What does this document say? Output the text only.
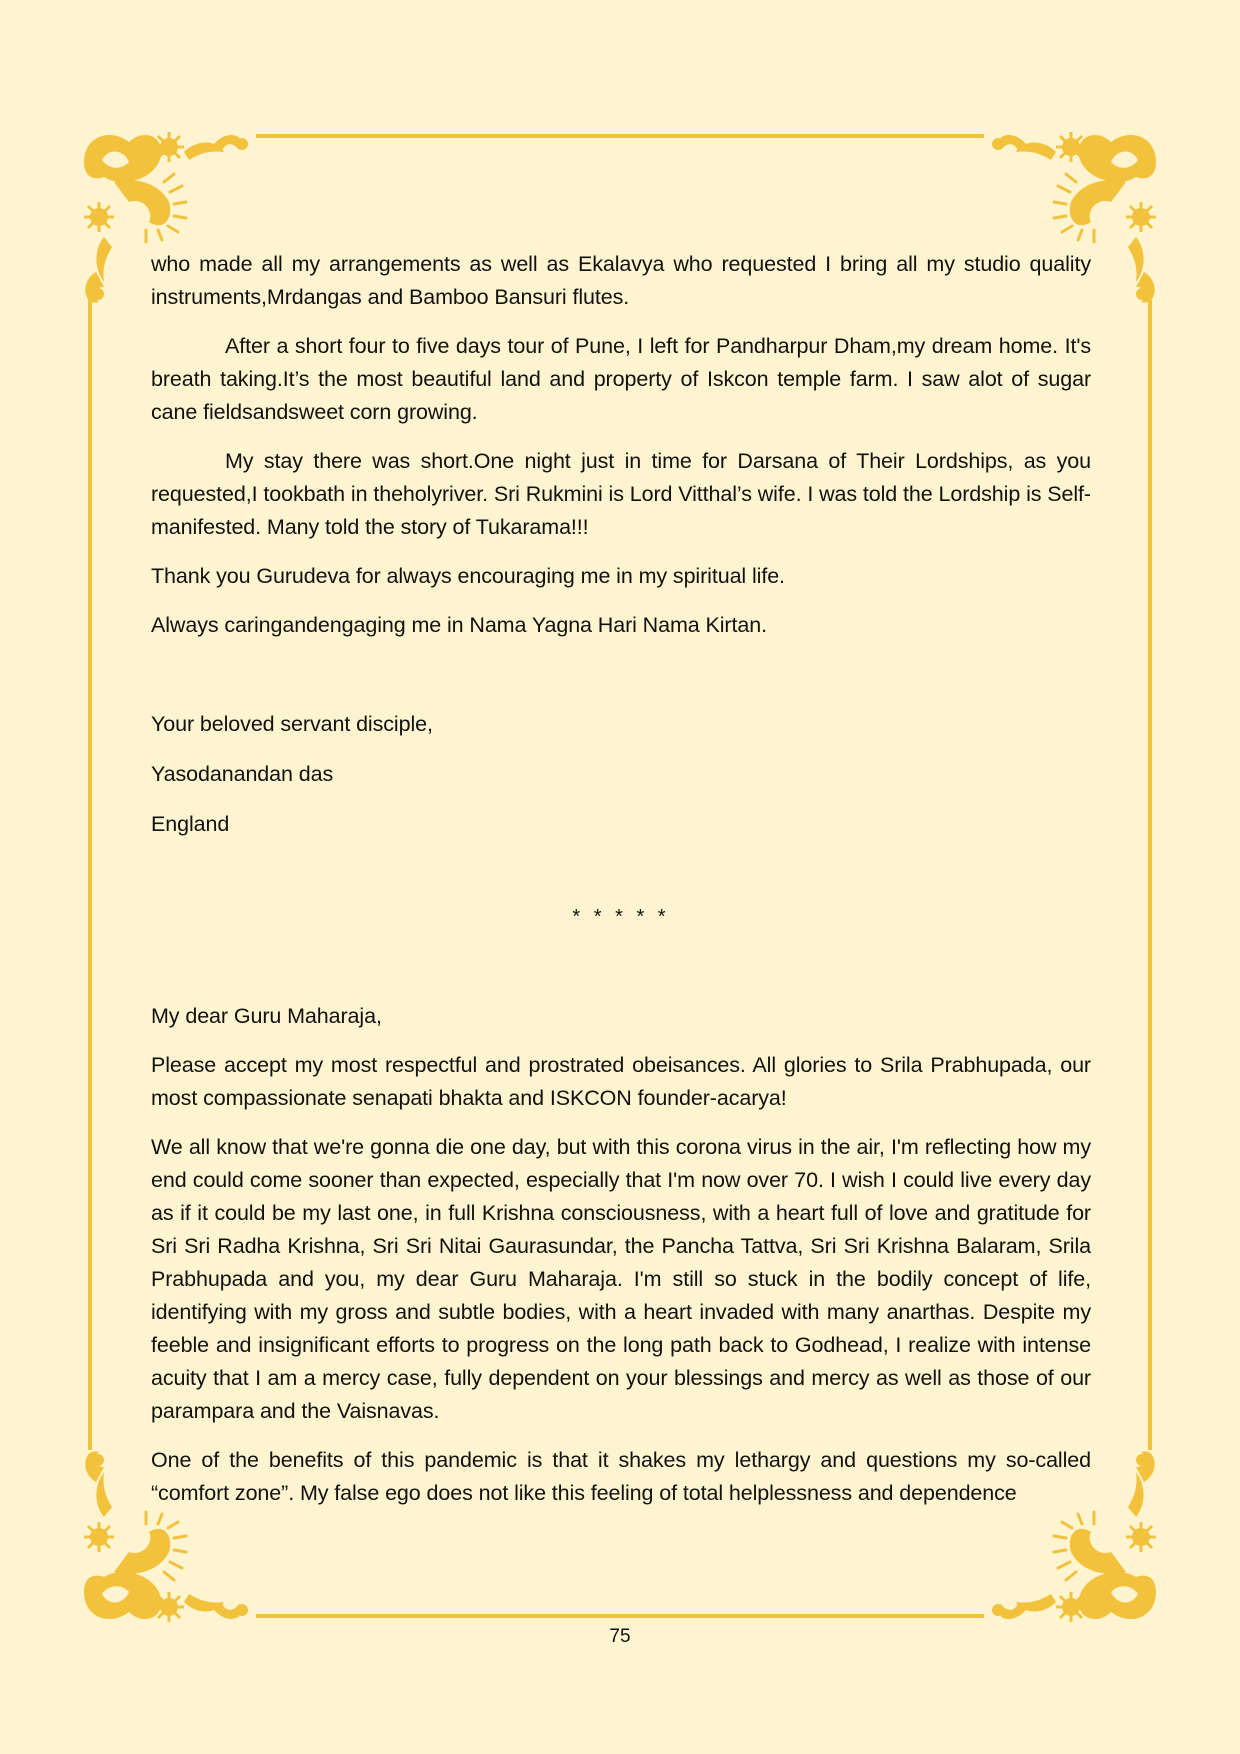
who made all my arrangements as well as Ekalavya who requested I bring all my studio quality instruments,Mrdangas and Bamboo Bansuri flutes.

After a short four to five days tour of Pune, I left for Pandharpur Dham,my dream home. It's breath taking.It’s the most beautiful land and property of Iskcon temple farm. I saw alot of sugar cane fieldsandsweet corn growing.

My stay there was short.One night just in time for Darsana of Their Lordships, as you requested,I tookbath in theholyriver. Sri Rukmini is Lord Vitthal’s wife. I was told the Lordship is Self- manifested. Many told the story of Tukarama!!!

Thank you Gurudeva for always encouraging me in my spiritual life.

Always caringandengaging me in Nama Yagna Hari Nama Kirtan.

Your beloved servant disciple,

Yasodanandan das

England

* * * * *

My dear Guru Maharaja,

Please accept my most respectful and prostrated obeisances. All glories to Srila Prabhupada, our most compassionate senapati bhakta and ISKCON founder-acarya!

We all know that we're gonna die one day, but with this corona virus in the air, I'm reflecting how my end could come sooner than expected, especially that I'm now over 70. I wish I could live every day as if it could be my last one, in full Krishna consciousness, with a heart full of love and gratitude for Sri Sri Radha Krishna, Sri Sri Nitai Gaurasundar, the Pancha Tattva, Sri Sri Krishna Balaram, Srila Prabhupada and you, my dear Guru Maharaja. I'm still so stuck in the bodily concept of life, identifying with my gross and subtle bodies, with a heart invaded with many anarthas. Despite my feeble and insignificant efforts to progress on the long path back to Godhead, I realize with intense acuity that I am a mercy case, fully dependent on your blessings and mercy as well as those of our parampara and the Vaisnavas.

One of the benefits of this pandemic is that it shakes my lethargy and questions my so-called “comfort zone”. My false ego does not like this feeling of total helplessness and dependence

75
